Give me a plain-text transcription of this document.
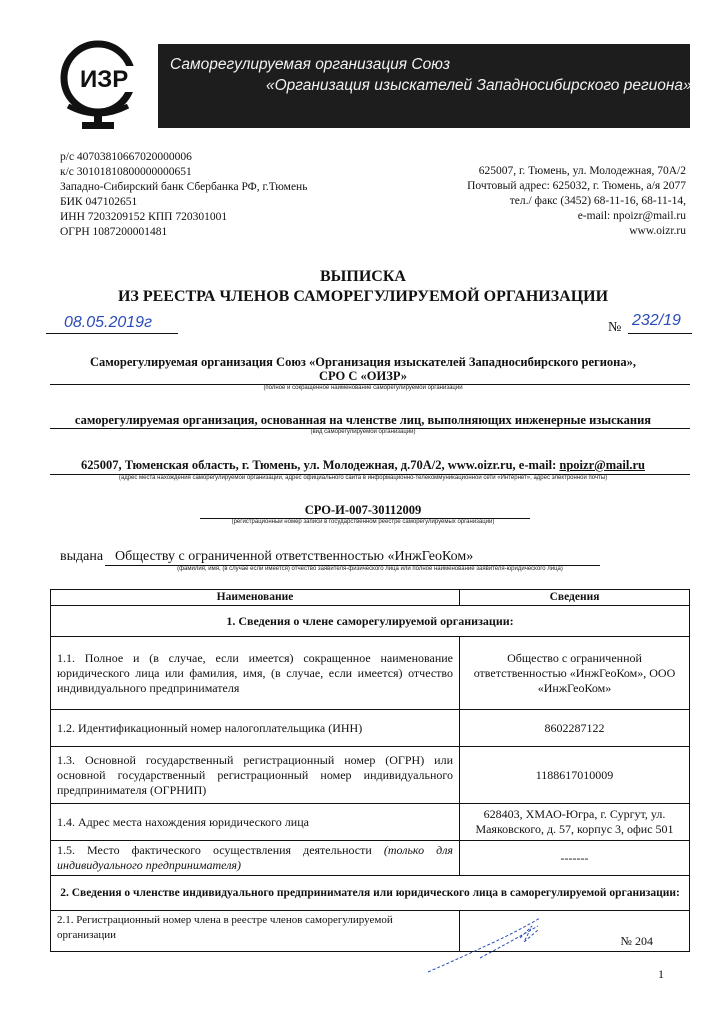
ИЗР
Саморегулируемая организация Союз
«Организация изыскателей Западносибирского региона»
р/с 40703810667020000006
к/с 30101810800000000651
Западно-Сибирский банк Сбербанка РФ, г.Тюмень
БИК 047102651
ИНН 7203209152 КПП 720301001
ОГРН 1087200001481
625007, г. Тюмень, ул. Молодежная, 70А/2
Почтовый адрес: 625032, г. Тюмень, а/я 2077
тел./ факс (3452) 68-11-16, 68-11-14,
e-mail: npoizr@mail.ru
www.oizr.ru
ВЫПИСКА
ИЗ РЕЕСТРА ЧЛЕНОВ САМОРЕГУЛИРУЕМОЙ ОРГАНИЗАЦИИ
08.05.2019г	№ 232/19
Саморегулируемая организация Союз «Организация изыскателей Западносибирского региона»,
СРО С «ОИЗР»
(полное и сокращенное наименование саморегулируемой организации
саморегулируемая организация, основанная на членстве лиц, выполняющих инженерные изыскания
(вид саморегулируемой организации)
625007, Тюменская область, г. Тюмень, ул. Молодежная, д.70А/2, www.oizr.ru, e-mail: npoizr@mail.ru
(адрес места нахождения саморегулируемой организации, адрес официального сайта в информационно-телекоммуникационной сети «Интернет», адрес электронной почты)
СРО-И-007-30112009
(регистрационный номер записи в государственном реестре саморегулируемых организаций)
выдана Обществу с ограниченной ответственностью «ИнжГеоКом»
(фамилия, имя, (в случае если имеется) отчество заявителя-физического лица или полное наименование заявителя-юридического лица)
Наименование	Сведения
1. Сведения о члене саморегулируемой организации:	
1.1. Полное и (в случае, если имеется) сокращенное наименование юридического лица или фамилия, имя, (в случае, если имеется) отчество индивидуального предпринимателя	Общество с ограниченной ответственностью «ИнжГеоКом», ООО «ИнжГеоКом»
1.2. Идентификационный номер налогоплательщика (ИНН)	8602287122
1.3. Основной государственный регистрационный номер (ОГРН) или основной государственный регистрационный номер индивидуального предпринимателя (ОГРНИП)	1188617010009
1.4. Адрес места нахождения юридического лица	628403, ХМАО-Югра, г. Сургут, ул. Маяковского, д. 57, корпус 3, офис 501
1.5. Место фактического осуществления деятельности (только для индивидуального предпринимателя)	-------
2. Сведения о членстве индивидуального предпринимателя или юридического лица в саморегулируемой организации:	
2.1. Регистрационный номер члена в реестре членов саморегулируемой организации	№ 204
1
